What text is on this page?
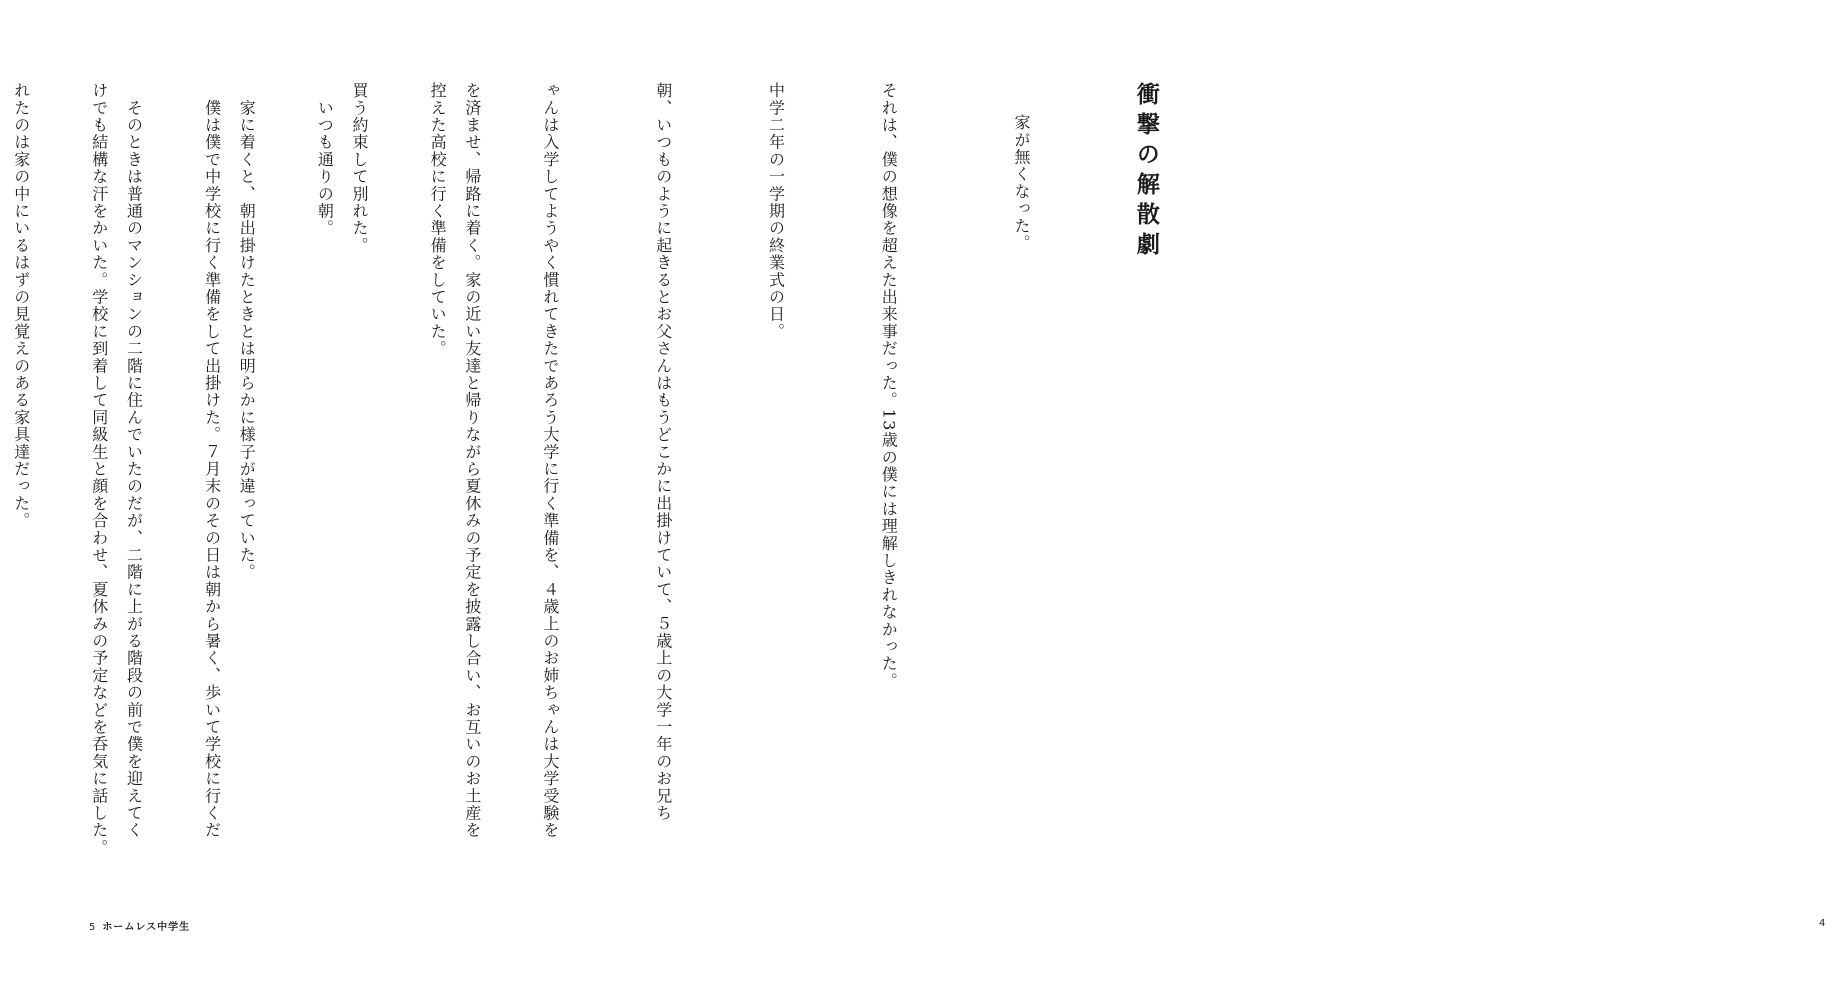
衝撃の解散劇

家が無くなった。

それは、僕の想像を超えた出来事だった。13歳の僕には理解しきれなかった。

中学二年の一学期の終業式の日。

朝、いつものように起きるとお父さんはもうどこかに出掛けていて、５歳上の大学一年のお兄ち

ゃんは入学してようやく慣れてきたであろう大学に行く準備を、４歳上のお姉ちゃんは大学受験を

控えた高校に行く準備をしていた。

　いつも通りの朝。

　僕は僕で中学校に行く準備をして出掛けた。７月末のその日は朝から暑く、歩いて学校に行くだ

けでも結構な汗をかいた。学校に到着して同級生と顔を合わせ、夏休みの予定などを呑気に話した。

4

を済ませ、帰路に着く。家の近い友達と帰りながら夏休みの予定を披露し合い、お互いのお土産を

買う約束して別れた。

　家に着くと、朝出掛けたときとは明らかに様子が違っていた。

　そのときは普通のマンションの二階に住んでいたのだが、二階に上がる階段の前で僕を迎えてく

れたのは家の中にいるはずの見覚えのある家具達だった。

5 ホームレス中学生
